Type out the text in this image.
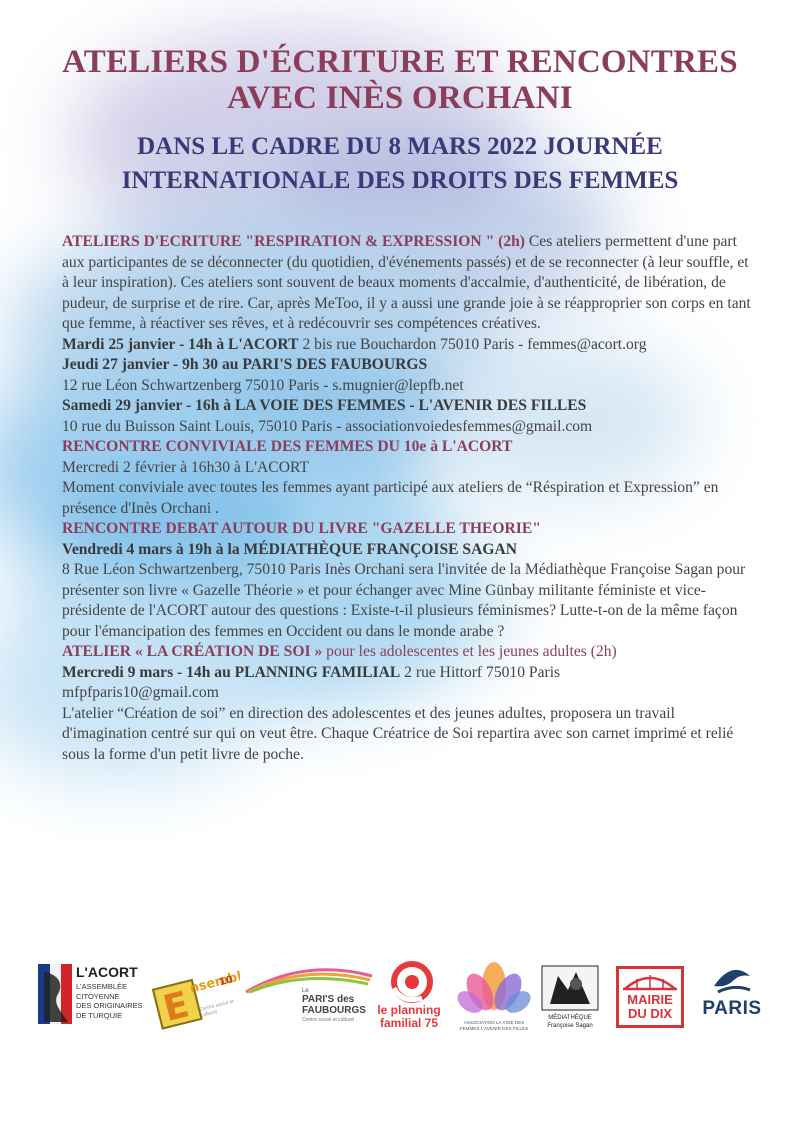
ATELIERS D'ÉCRITURE ET RENCONTRES
AVEC INÈS ORCHANI
DANS LE CADRE DU 8 MARS 2022 JOURNÉE
INTERNATIONALE DES DROITS DES FEMMES

ATELIERS D'ECRITURE "RESPIRATION & EXPRESSION " (2h) Ces ateliers permettent d'une part aux participantes de se déconnecter (du quotidien, d'événements passés) et de se reconnecter (à leur souffle, et à leur inspiration). Ces ateliers sont souvent de beaux moments d'accalmie, d'authenticité, de libération, de pudeur, de surprise et de rire. Car, après MeToo, il y a aussi une grande joie à se réapproprier son corps en tant que femme, à réactiver ses rêves, et à redécouvrir ses compétences créatives.

Mardi 25 janvier - 14h à L'ACORT 2 bis rue Bouchardon 75010 Paris - femmes@acort.org

Jeudi 27 janvier - 9h 30 au PARI'S DES FAUBOURGS
12 rue Léon Schwartzenberg 75010 Paris - s.mugnier@lepfb.net

Samedi 29 janvier - 16h à LA VOIE DES FEMMES - L'AVENIR DES FILLES
10 rue du Buisson Saint Louis, 75010 Paris - associationvoiedesfemmes@gmail.com

RENCONTRE CONVIVIALE DES FEMMES DU 10e à L'ACORT
Mercredi 2 février à 16h30 à L'ACORT
Moment conviviale avec toutes les femmes ayant participé aux ateliers de “Réspiration et Expression” en présence d'Inès Orchani .

RENCONTRE DEBAT AUTOUR DU LIVRE "GAZELLE THEORIE"
Vendredi 4 mars à 19h à la MÉDIATHÈQUE FRANÇOISE SAGAN
8 Rue Léon Schwartzenberg, 75010 Paris Inès Orchani sera l'invitée de la Médiathèque Françoise Sagan pour présenter son livre « Gazelle Théorie » et pour échanger avec Mine Günbay militante féministe et vice-présidente de l'ACORT autour des questions : Existe-t-il plusieurs féminismes? Lutte-t-on de la même façon pour l'émancipation des femmes en Occident ou dans le monde arabe ?

ATELIER « LA CRÉATION DE SOI » pour les adolescentes et les jeunes adultes (2h)
Mercredi 9 mars - 14h au PLANNING FAMILIAL 2 rue Hittorf 75010 Paris
mfpfparis10@gmail.com
L'atelier “Création de soi” en direction des adolescentes et des jeunes adultes, proposera un travail d'imagination centré sur qui on veut être. Chaque Créatrice de Soi repartira avec son carnet imprimé et relié sous la forme d'un petit livre de poche.

L'ACORT
L'ASSEMBLÉE
CITOYENNE
DES ORIGINAIRES
DE TURQUIE	E
nsemble
10
Centre social et culturel
Le
PARI'S des
FAUBOURGS
Centre social et culturel
le planning
familial 75	ASSOCIATION LA VOIE DES
FEMMES L'AVENIR DES FILLES
MÉDIATHÈQUE
Françoise Sagan
MAIRIE
DU DIX	PARIS
